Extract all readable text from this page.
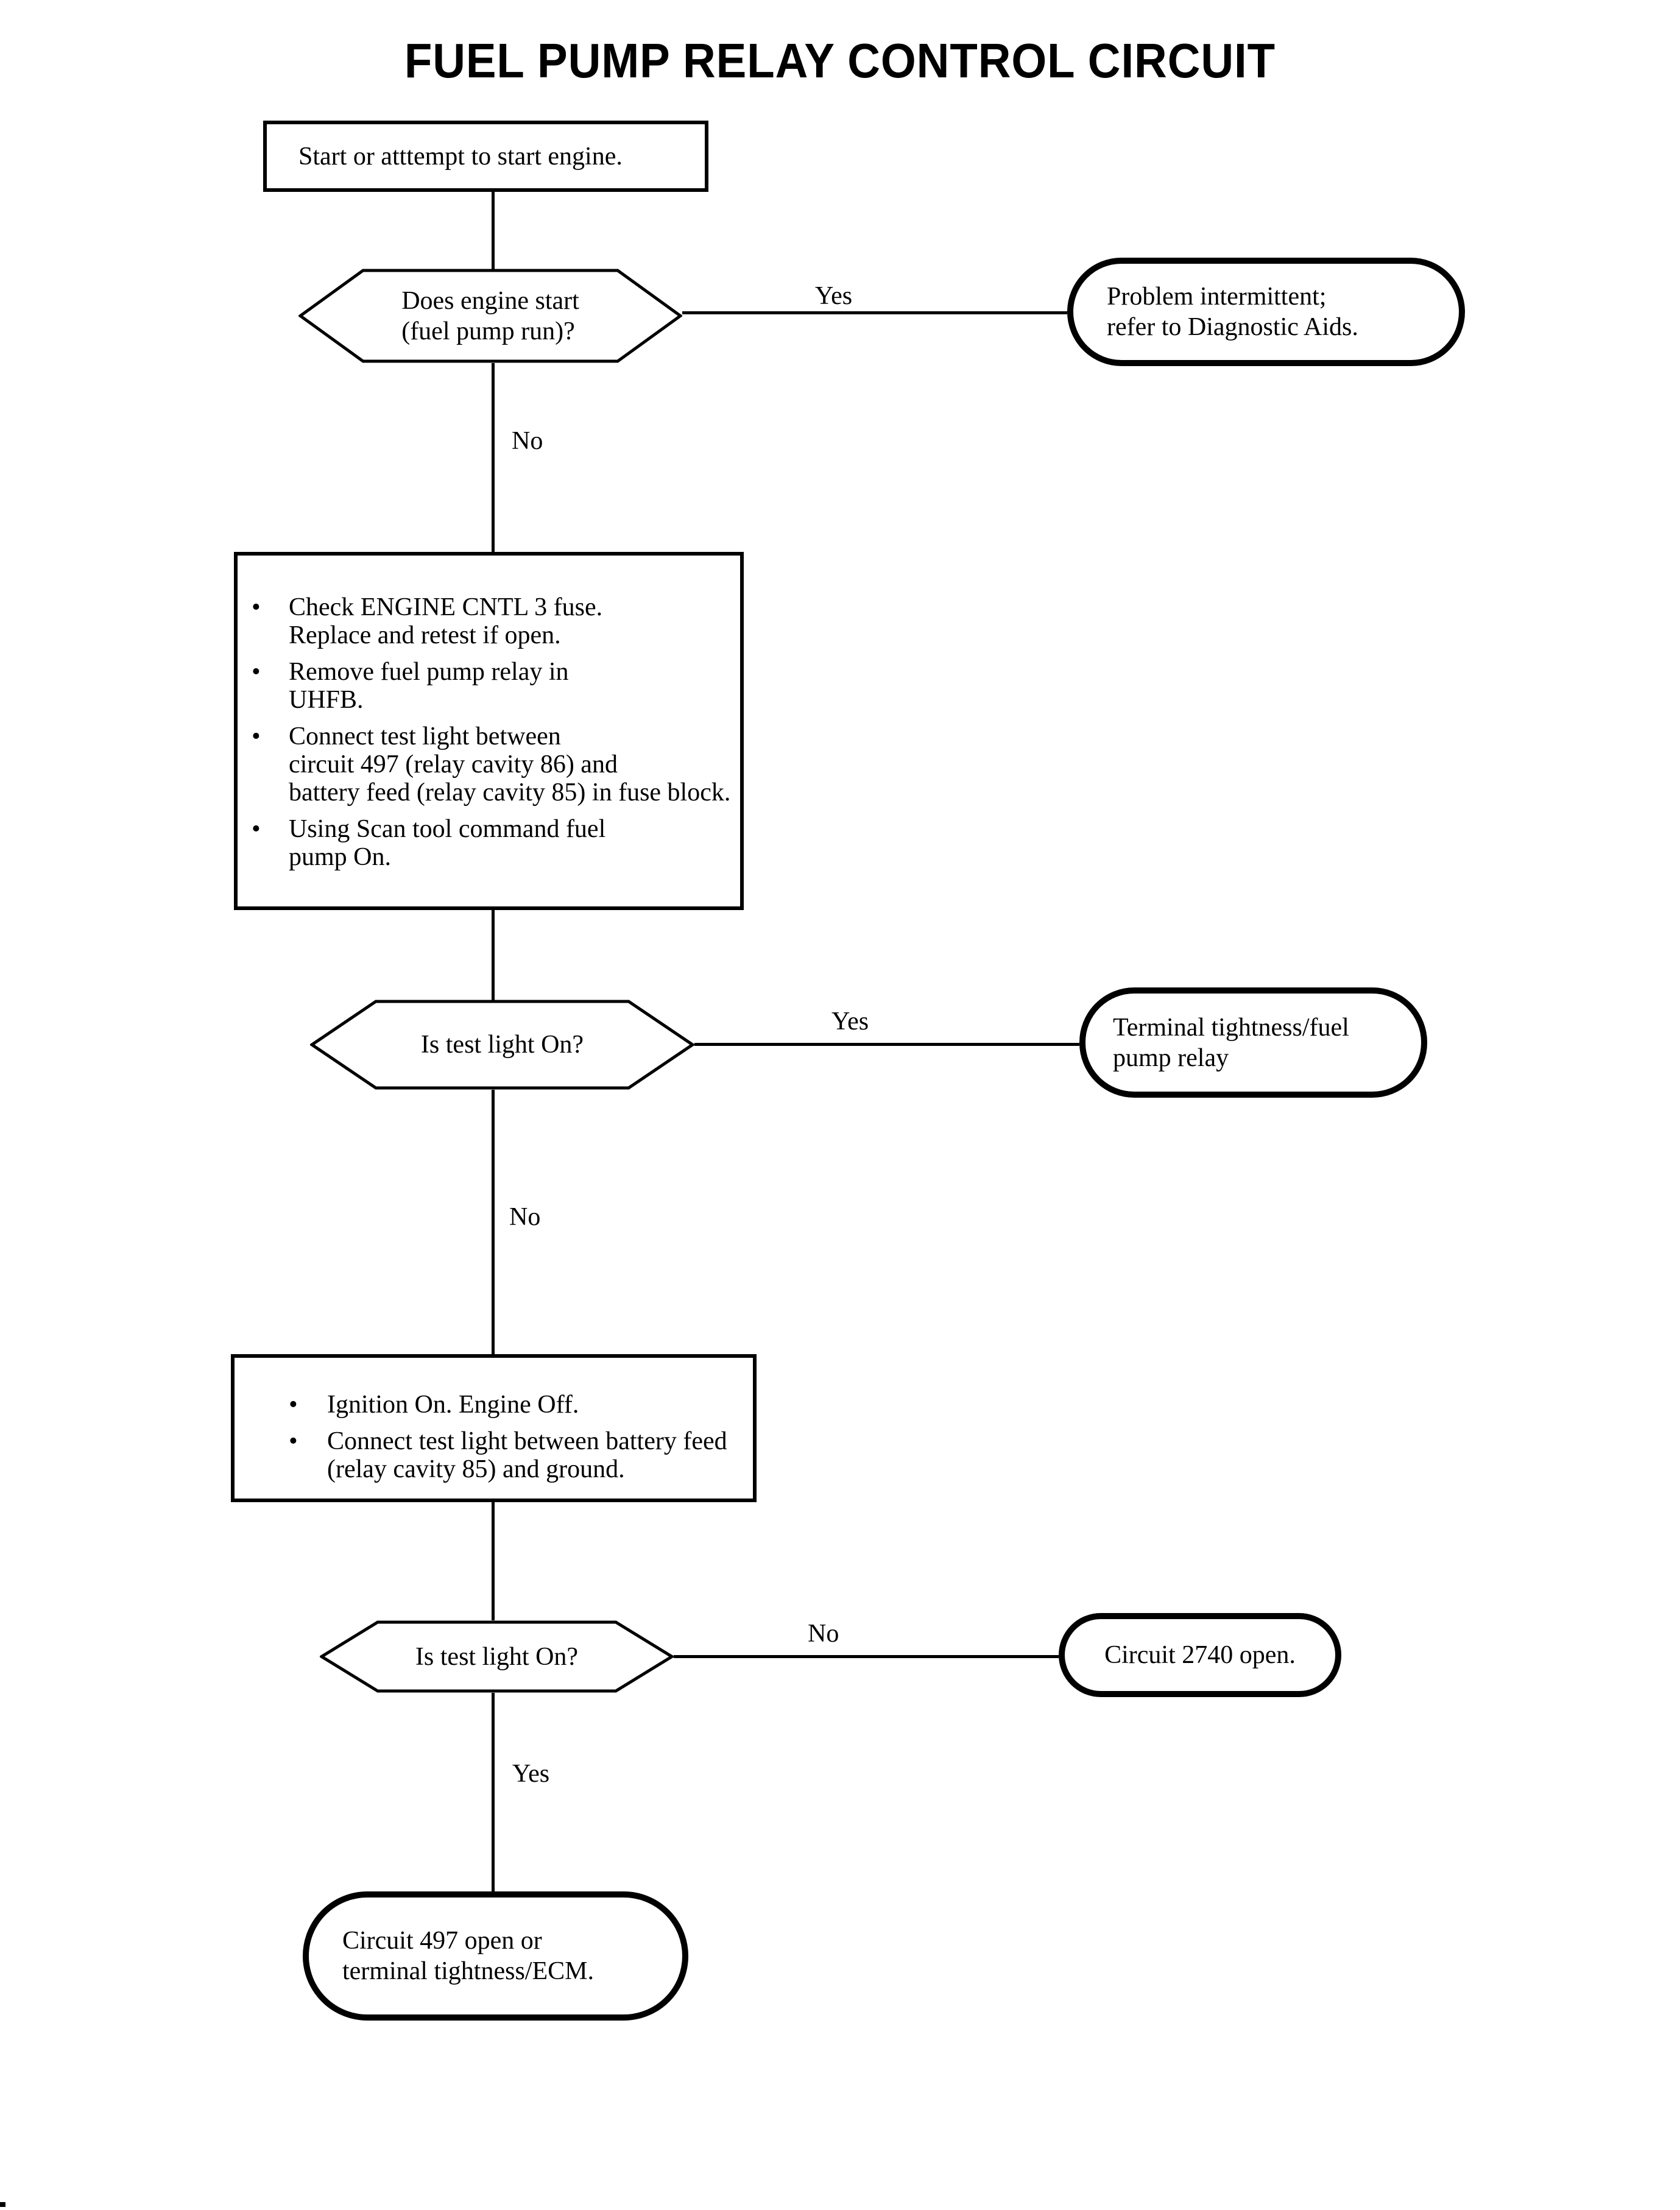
FUEL PUMP RELAY CONTROL CIRCUIT
Start or atttempt to start engine.
Does engine start
(fuel pump run)?
Yes	Problem intermittent;
refer to Diagnostic Aids.
No
•	Check ENGINE CNTL 3 fuse.
Replace and retest if open.
•	Remove fuel pump relay in
UHFB.
•	Connect test light between
circuit 497 (relay cavity 86) and
battery feed (relay cavity 85) in fuse block.
•	Using Scan tool command fuel
pump On.
Is test light On?
Yes	Terminal tightness/fuel
pump relay
No
•	Ignition On. Engine Off.
•	Connect test light between battery feed
(relay cavity 85) and ground.
Is test light On?
No
Circuit 2740 open.
Yes
Circuit 497 open or
terminal tightness/ECM.
